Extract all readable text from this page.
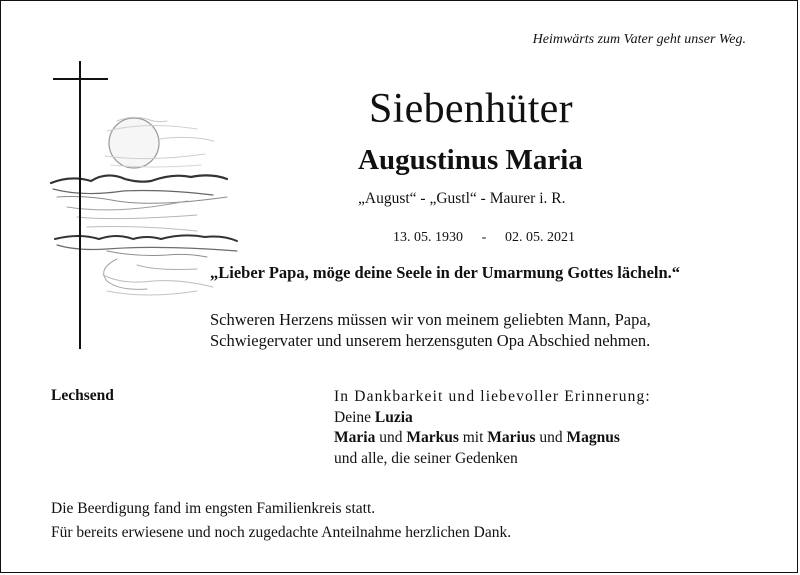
Heimwärts zum Vater geht unser Weg.
Siebenhüter
Augustinus Maria
„August“ - „Gustl“ - Maurer i. R.
13. 05. 1930 - 02. 05. 2021
„Lieber Papa, möge deine Seele in der Umarmung Gottes lächeln.“
Schweren Herzens müssen wir von meinem geliebten Mann, Papa,
Schwiegervater und unserem herzensguten Opa Abschied nehmen.
Lechsend	In Dankbarkeit und liebevoller Erinnerung:
Deine Luzia
Maria und Markus mit Marius und Magnus
und alle, die seiner Gedenken
Die Beerdigung fand im engsten Familienkreis statt.
Für bereits erwiesene und noch zugedachte Anteilnahme herzlichen Dank.
